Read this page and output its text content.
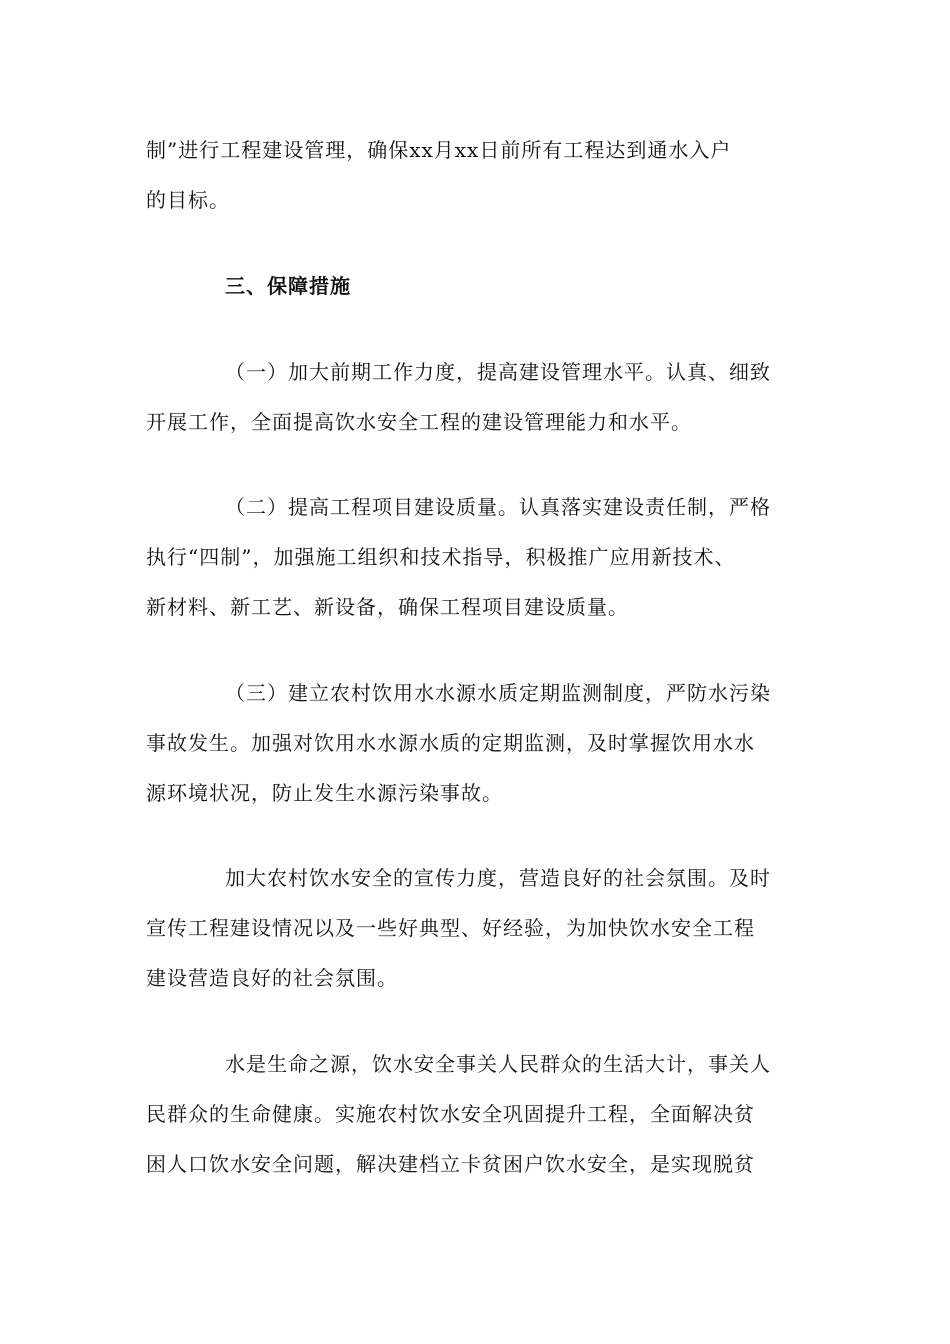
制”进行工程建设管理，确保xx月xx日前所有工程达到通水入户
的目标。
三、保障措施
（一）加大前期工作力度，提高建设管理水平。认真、细致
开展工作，全面提高饮水安全工程的建设管理能力和水平。
（二）提高工程项目建设质量。认真落实建设责任制，严格
执行“四制”，加强施工组织和技术指导，积极推广应用新技术、
新材料、新工艺、新设备，确保工程项目建设质量。
（三）建立农村饮用水水源水质定期监测制度，严防水污染
事故发生。加强对饮用水水源水质的定期监测，及时掌握饮用水水
源环境状况，防止发生水源污染事故。
加大农村饮水安全的宣传力度，营造良好的社会氛围。及时
宣传工程建设情况以及一些好典型、好经验，为加快饮水安全工程
建设营造良好的社会氛围。
水是生命之源，饮水安全事关人民群众的生活大计，事关人
民群众的生命健康。实施农村饮水安全巩固提升工程，全面解决贫
困人口饮水安全问题，解决建档立卡贫困户饮水安全，是实现脱贫
